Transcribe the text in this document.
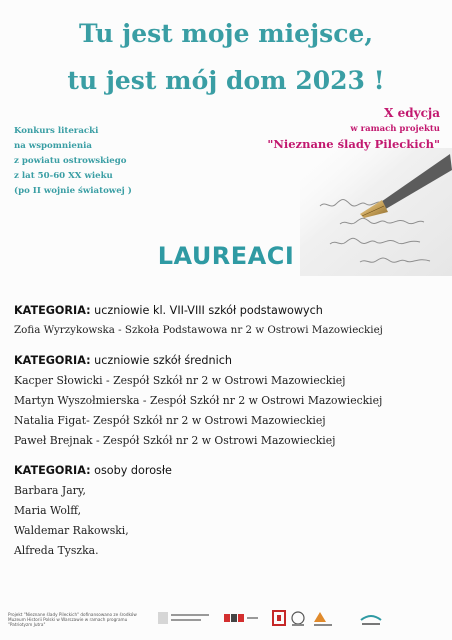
Tu jest moje miejsce,
tu jest mój dom 2023 !
Konkurs literacki
na wspomnienia
z powiatu ostrowskiego
z lat 50-60 XX wieku
(po II wojnie światowej )
X edycja
w ramach projektu
"Nieznane ślady Pileckich"
LAUREACI
KATEGORIA: uczniowie kl. VII-VIII szkół podstawowych
Zofia Wyrzykowska - Szkoła Podstawowa nr 2 w Ostrowi Mazowieckiej
KATEGORIA: uczniowie szkół średnich
Kacper Słowicki - Zespół Szkół nr 2 w Ostrowi Mazowieckiej
Martyn Wyszołmierska - Zespół Szkół nr 2 w Ostrowi Mazowieckiej
Natalia Figat- Zespół Szkół nr 2 w Ostrowi Mazowieckiej
Paweł Brejnak - Zespół Szkół nr 2 w Ostrowi Mazowieckiej
KATEGORIA: osoby dorosłe
Barbara Jary,
Maria Wolff,
Waldemar Rakowski,
Alfreda Tyszka.
Projekt "Nieznane ślady Pileckich" dofinansowano ze środków Muzeum Historii Polski w Warszawie w ramach programu "Patriotyzm Jutra"
